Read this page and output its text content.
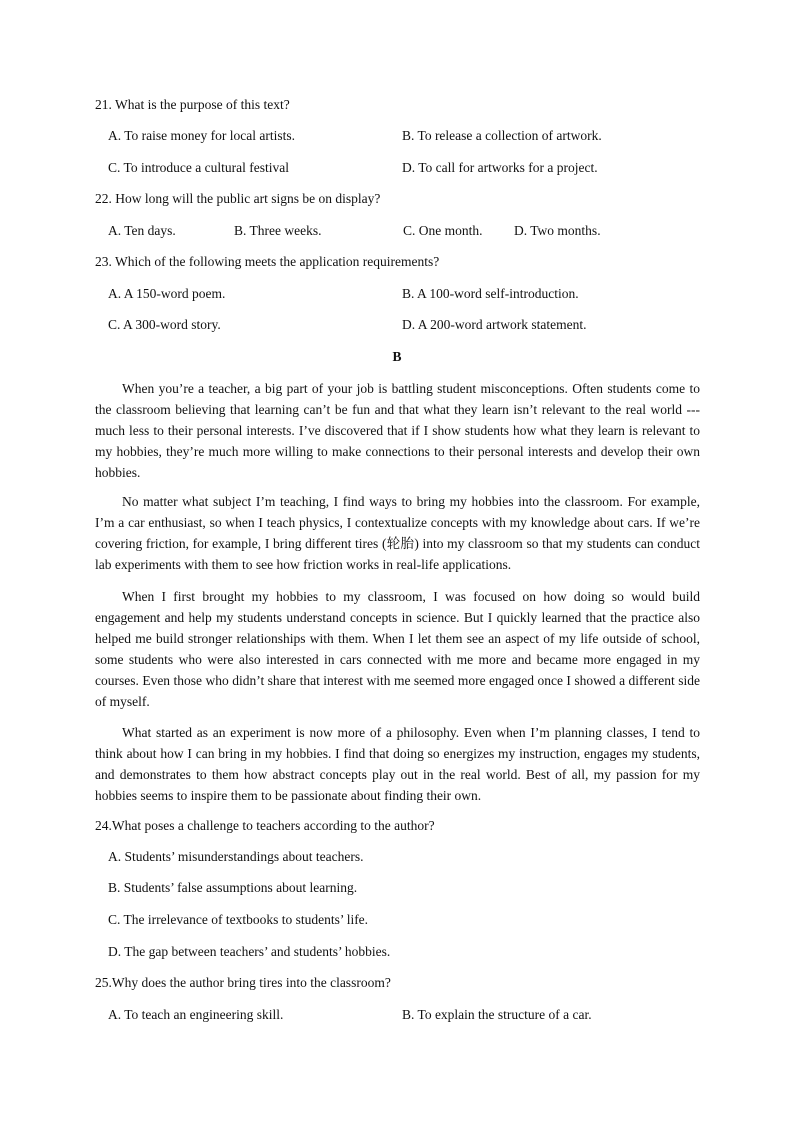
21. What is the purpose of this text?
A. To raise money for local artists.	B. To release a collection of artwork.
C. To introduce a cultural festival	D. To call for artworks for a project.
22. How long will the public art signs be on display?
A. Ten days.	B. Three weeks.	C. One month. D. Two months.
23. Which of the following meets the application requirements?
A. A 150-word poem.	B. A 100-word self-introduction.
C. A 300-word story.	D. A 200-word artwork statement.
B

When you’re a teacher, a big part of your job is battling student misconceptions. Often students come to the classroom believing that learning can’t be fun and that what they learn isn’t relevant to the real world ---much less to their personal interests. I’ve discovered that if I show students how what they learn is relevant to my hobbies, they’re much more willing to make connections to their personal interests and develop their own hobbies.

No matter what subject I’m teaching, I find ways to bring my hobbies into the classroom. For example, I’m a car enthusiast, so when I teach physics, I contextualize concepts with my knowledge about cars. If we’re covering friction, for example, I bring different tires (轮胎) into my classroom so that my students can conduct lab experiments with them to see how friction works in real-life applications.

When I first brought my hobbies to my classroom, I was focused on how doing so would build engagement and help my students understand concepts in science. But I quickly learned that the practice also helped me build stronger relationships with them. When I let them see an aspect of my life outside of school, some students who were also interested in cars connected with me more and became more engaged in my courses. Even those who didn’t share that interest with me seemed more engaged once I showed a different side of myself.

What started as an experiment is now more of a philosophy. Even when I’m planning classes, I tend to think about how I can bring in my hobbies. I find that doing so energizes my instruction, engages my students, and demonstrates to them how abstract concepts play out in the real world. Best of all, my passion for my hobbies seems to inspire them to be passionate about finding their own.

24.What poses a challenge to teachers according to the author?
A. Students’ misunderstandings about teachers.
B. Students’ false assumptions about learning.
C. The irrelevance of textbooks to students’ life.
D. The gap between teachers’ and students’ hobbies.
25.Why does the author bring tires into the classroom?
A. To teach an engineering skill.	B. To explain the structure of a car.
